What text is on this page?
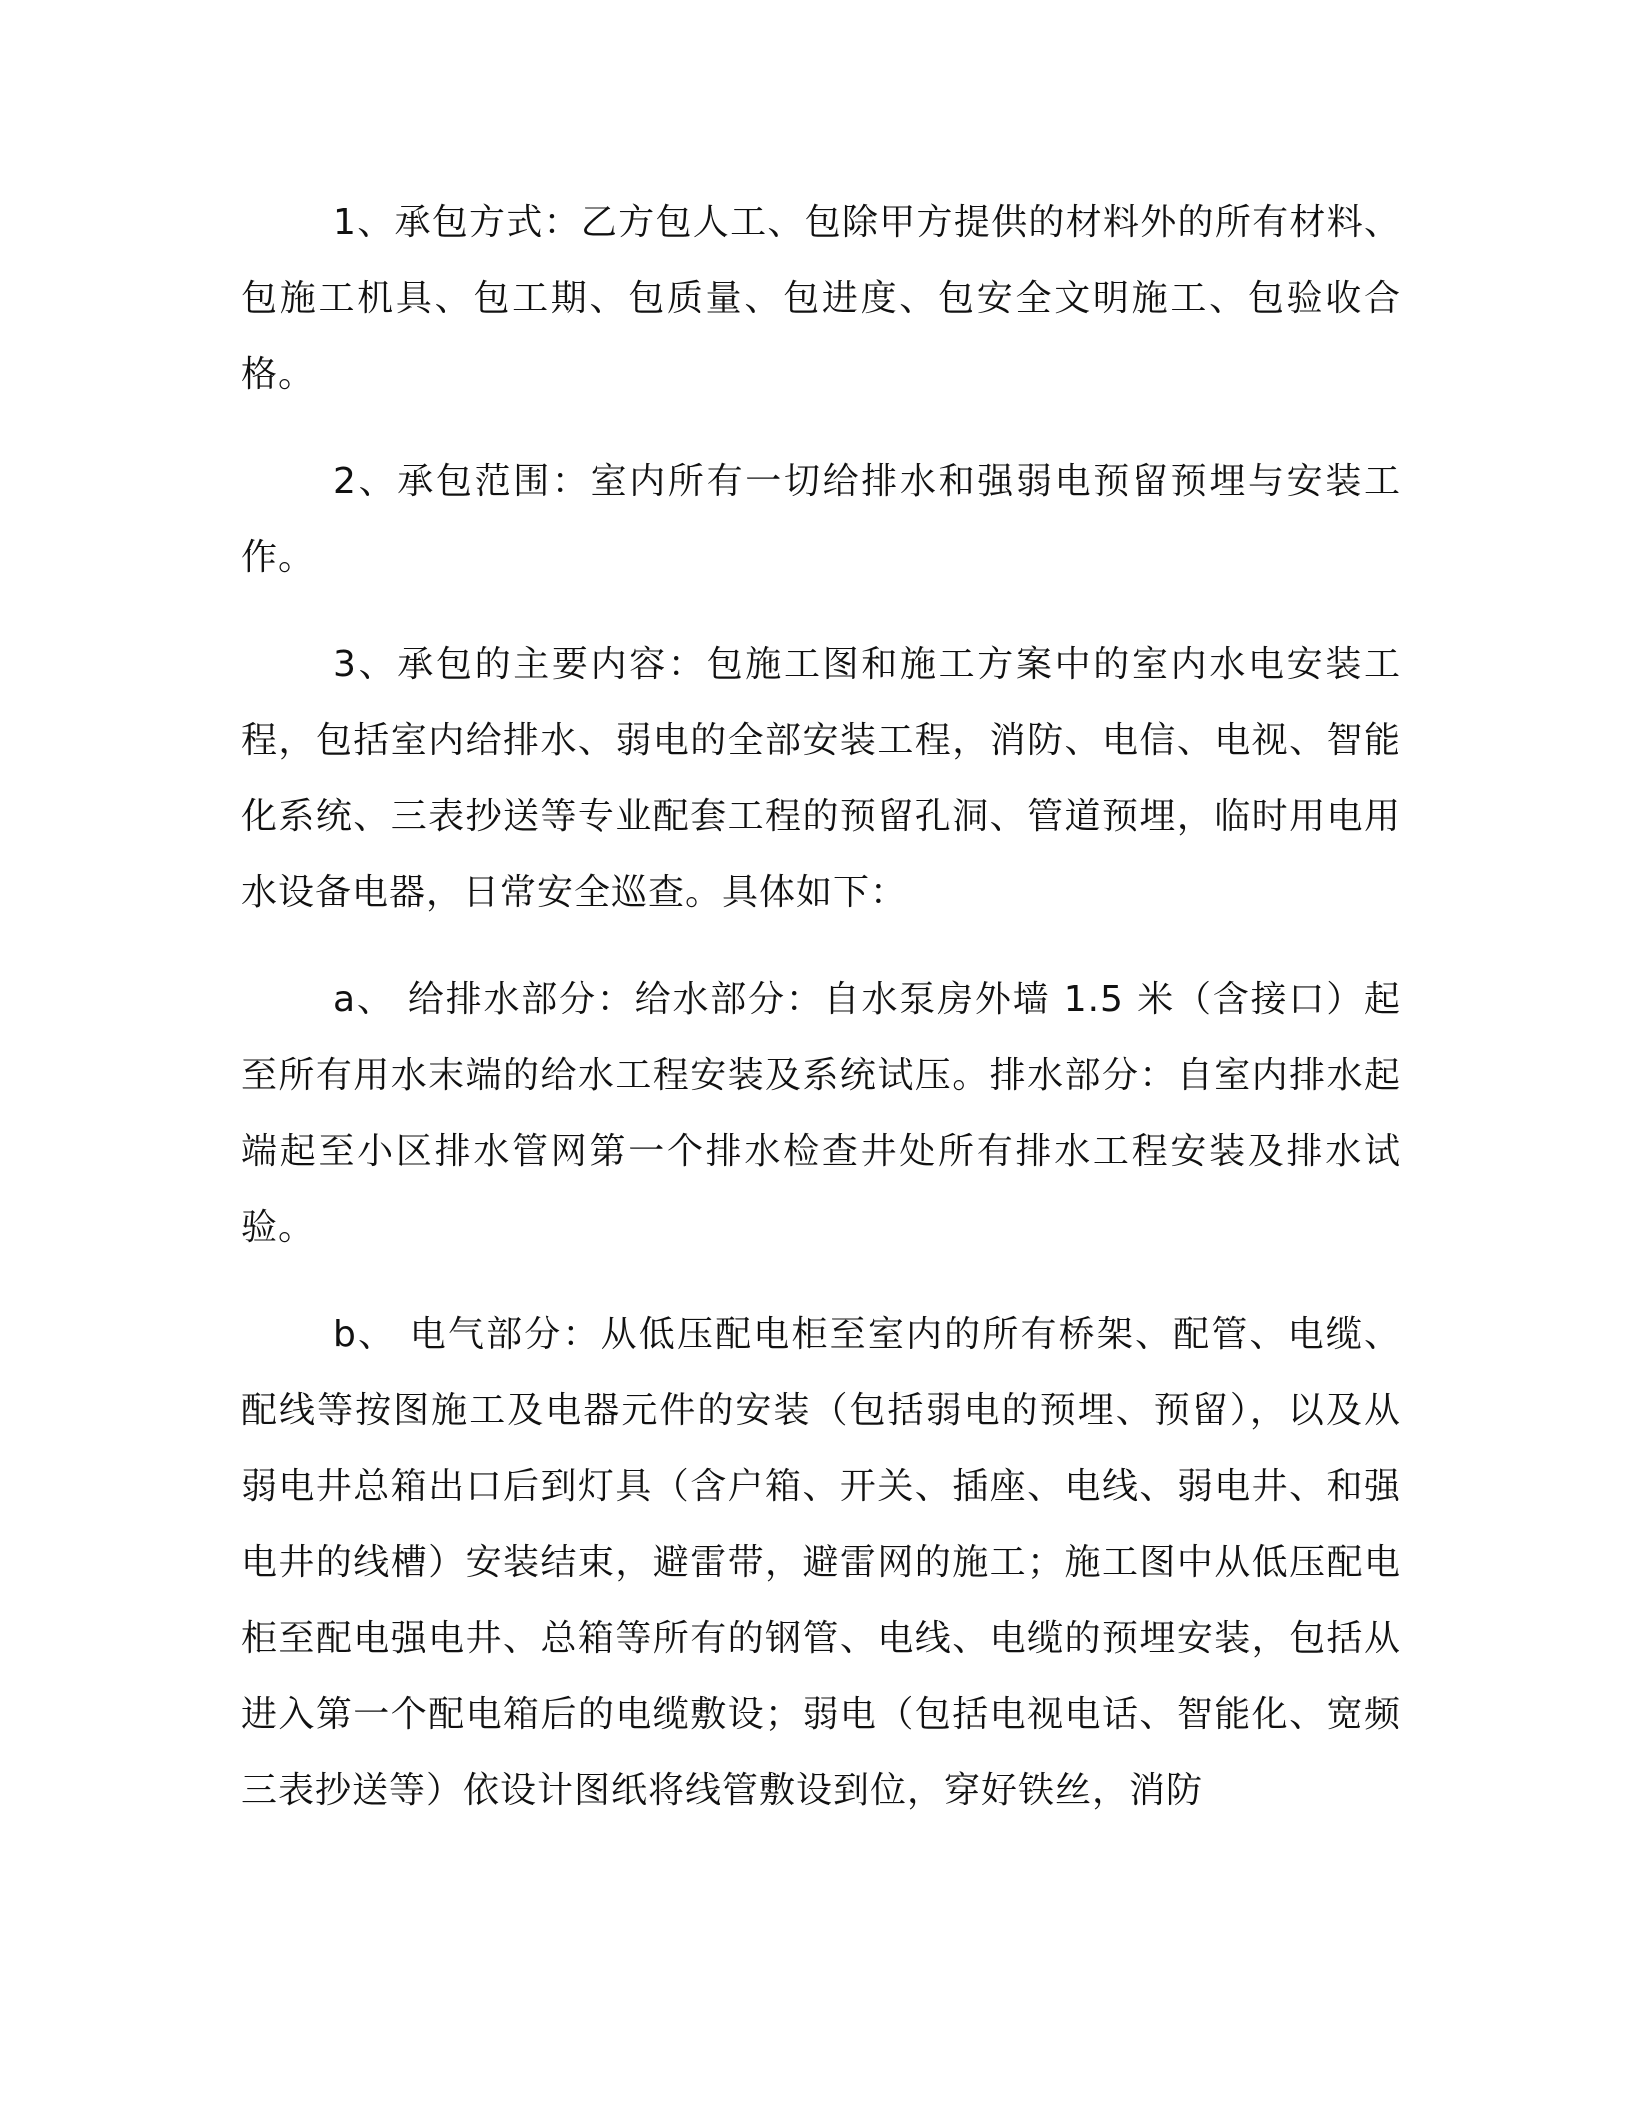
1、承包方式：乙方包人工、包除甲方提供的材料外的所有材料、包施工机具、包工期、包质量、包进度、包安全文明施工、包验收合格。

2、承包范围：室内所有一切给排水和强弱电预留预埋与安装工作。

3、承包的主要内容：包施工图和施工方案中的室内水电安装工程，包括室内给排水、弱电的全部安装工程，消防、电信、电视、智能化系统、三表抄送等专业配套工程的预留孔洞、管道预埋，临时用电用水设备电器，日常安全巡查。具体如下：

a、 给排水部分：给水部分：自水泵房外墙 1.5 米（含接口）起至所有用水末端的给水工程安装及系统试压。排水部分：自室内排水起端起至小区排水管网第一个排水检查井处所有排水工程安装及排水试验。

b、 电气部分：从低压配电柜至室内的所有桥架、配管、电缆、配线等按图施工及电器元件的安装（包括弱电的预埋、预留），以及从弱电井总箱出口后到灯具（含户箱、开关、插座、电线、弱电井、和强电井的线槽）安装结束，避雷带，避雷网的施工；施工图中从低压配电柜至配电强电井、总箱等所有的钢管、电线、电缆的预埋安装，包括从进入第一个配电箱后的电缆敷设；弱电（包括电视电话、智能化、宽频三表抄送等）依设计图纸将线管敷设到位，穿好铁丝，消防
